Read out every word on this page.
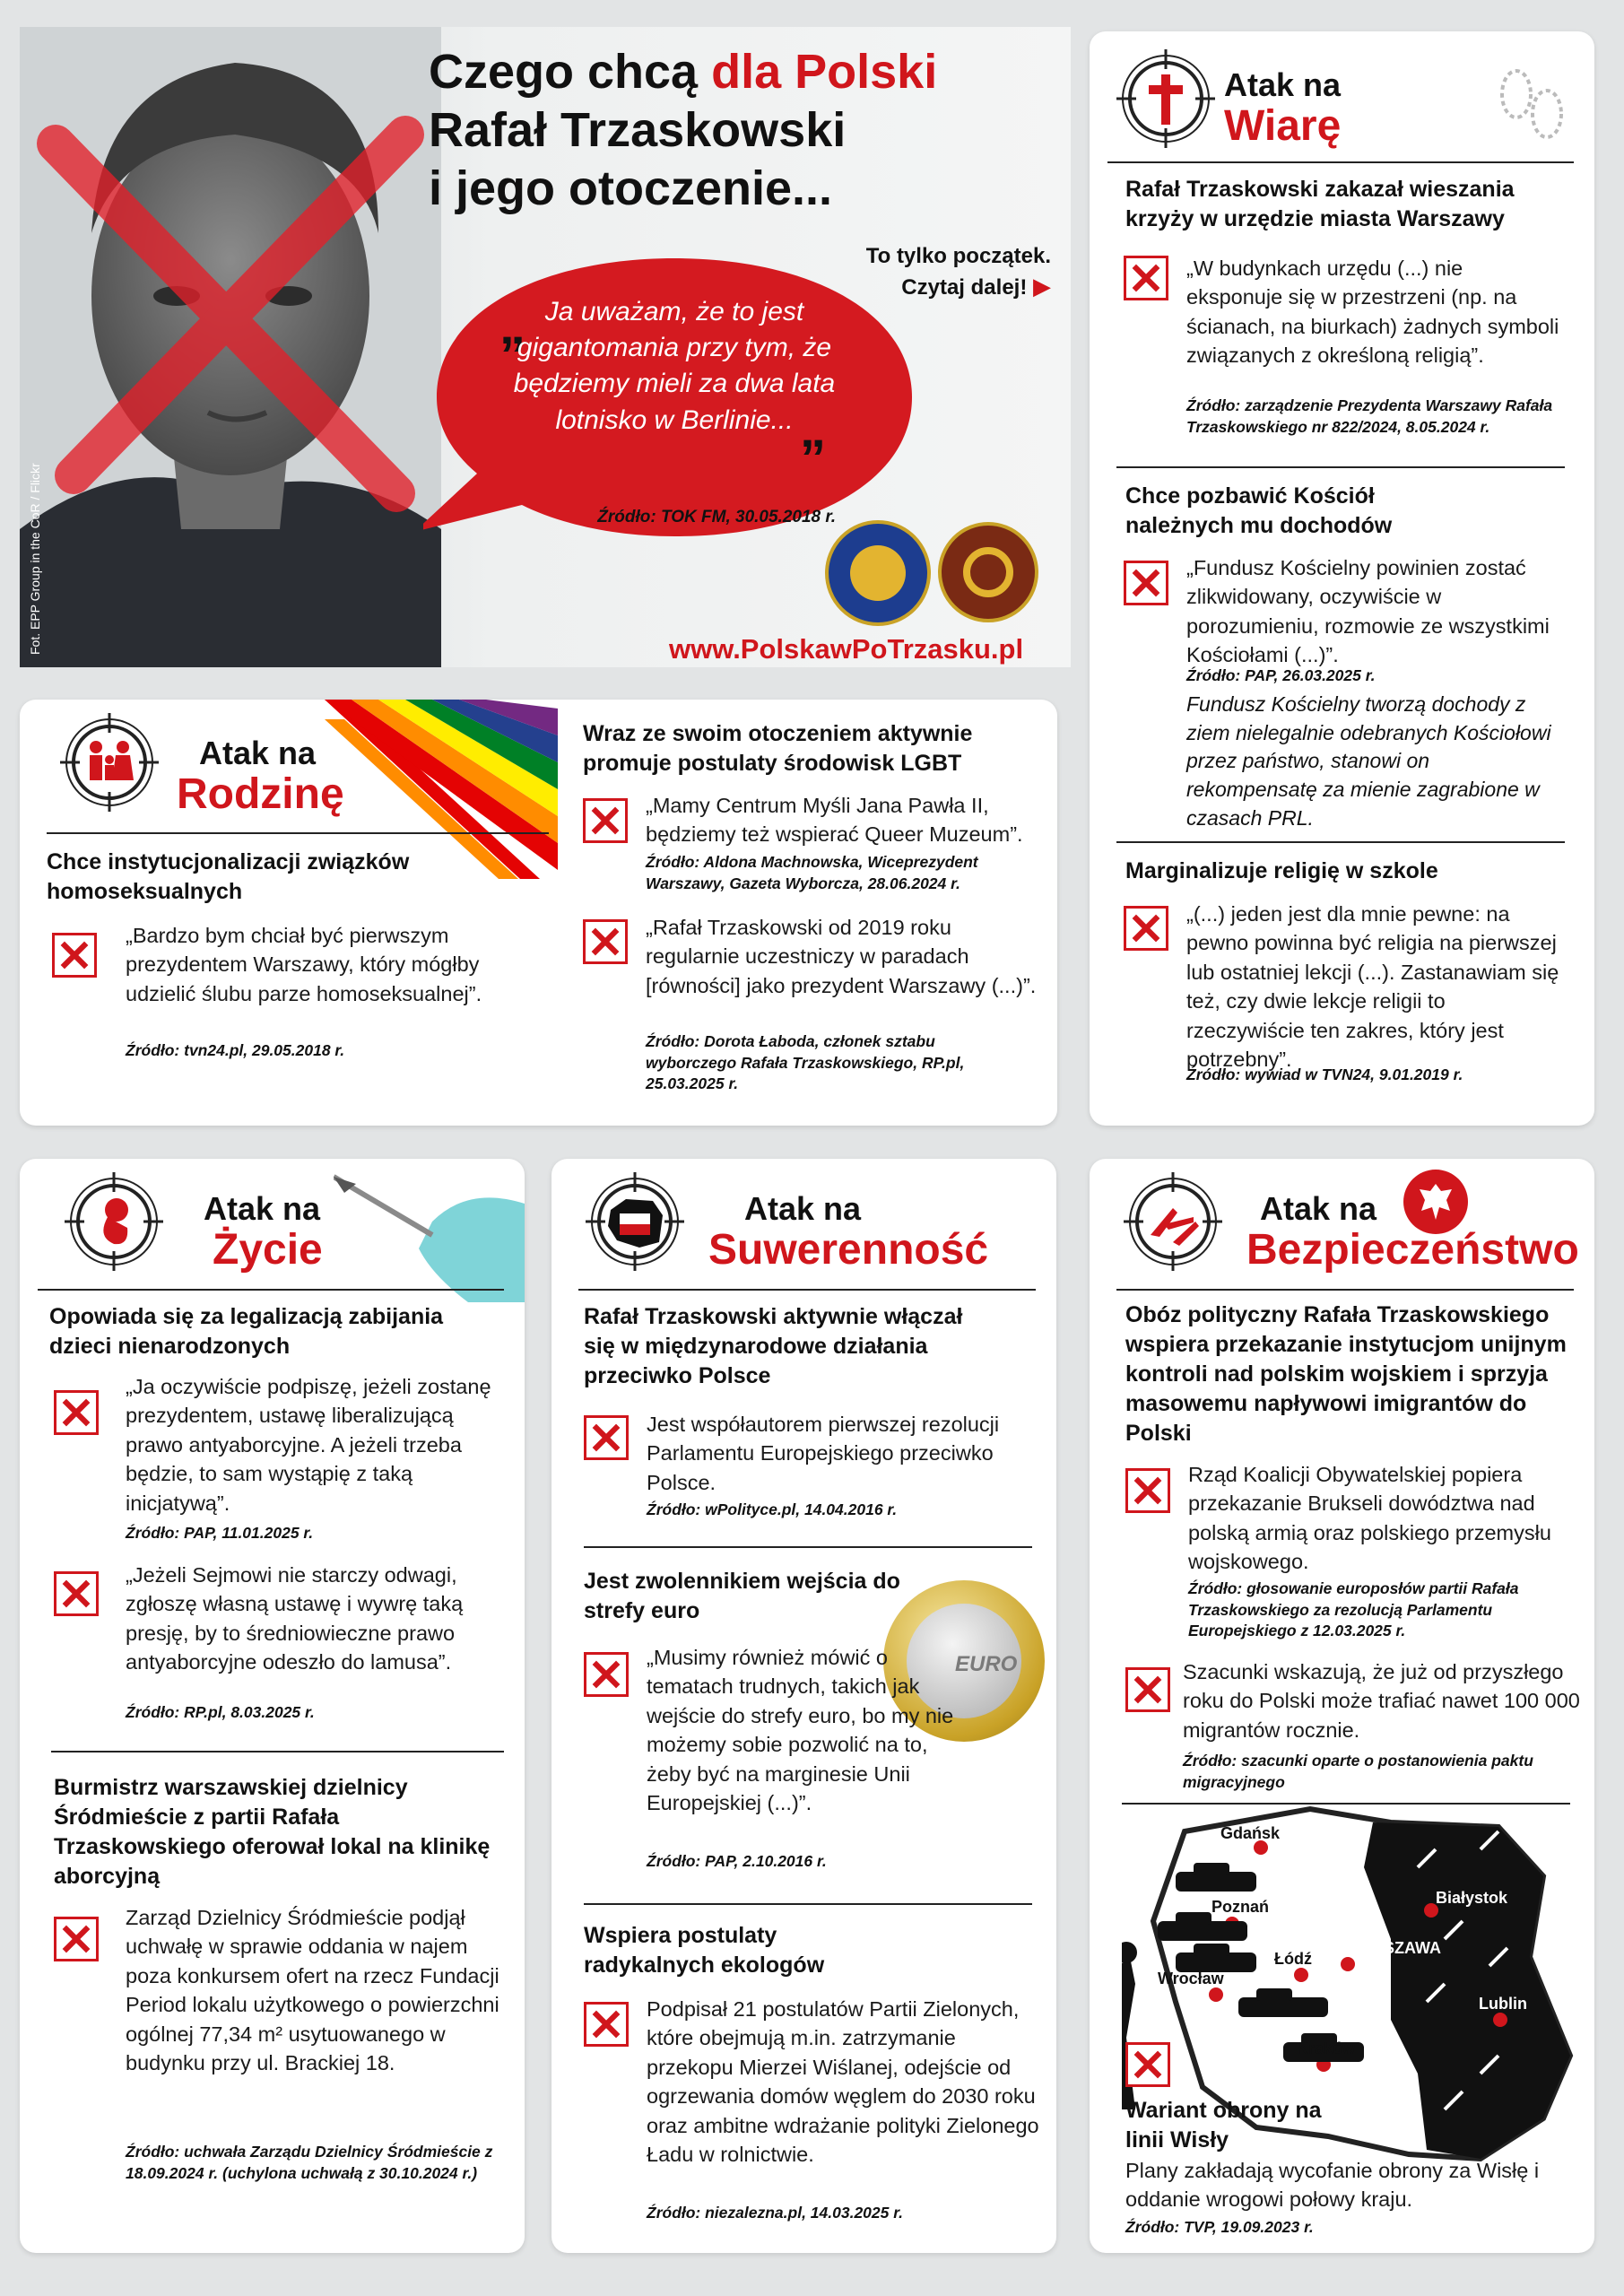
Fot. EPP Group in the CoR / Flickr
Czego chcą dla Polski
Rafał Trzaskowski
i jego otoczenie...
To tylko początek.
Czytaj dalej! ▶
„
”
Ja uważam, że to jest gigantomania przy tym, że będziemy mieli za dwa lata lotnisko w Berlinie...
Źródło: TOK FM, 30.05.2018 r.
www.PolskawPoTrzasku.pl
Atak na
Wiarę
Rafał Trzaskowski zakazał wieszania krzyży w urzędzie miasta Warszawy
„W budynkach urzędu (...) nie eksponuje się w przestrzeni (np. na ścianach, na biurkach) żadnych symboli związanych z określoną religią”.
Źródło: zarządzenie Prezydenta Warszawy Rafała Trzaskowskiego nr 822/2024, 8.05.2024 r.
Chce pozbawić Kościół należnych mu dochodów
„Fundusz Kościelny powinien zostać zlikwidowany, oczywiście w porozumieniu, rozmowie ze wszystkimi Kościołami (...)”.
Źródło: PAP, 26.03.2025 r.
Fundusz Kościelny tworzą dochody z ziem nielegalnie odebranych Kościołowi przez państwo, stanowi on rekompensatę za mienie zagrabione w czasach PRL.
Marginalizuje religię w szkole
„(...) jeden jest dla mnie pewne: na pewno powinna być religia na pierwszej lub ostatniej lekcji (...). Zastanawiam się też, czy dwie lekcje religii to rzeczywiście ten zakres, który jest potrzebny”.
Źródło: wywiad w TVN24, 9.01.2019 r.
Atak na
Rodzinę
Chce instytucjonalizacji związków homoseksualnych
„Bardzo bym chciał być pierwszym prezydentem Warszawy, który mógłby udzielić ślubu parze homoseksualnej”.
Źródło: tvn24.pl, 29.05.2018 r.
Wraz ze swoim otoczeniem aktywnie promuje postulaty środowisk LGBT
„Mamy Centrum Myśli Jana Pawła II, będziemy też wspierać Queer Muzeum”.
Źródło: Aldona Machnowska, Wiceprezydent Warszawy, Gazeta Wyborcza, 28.06.2024 r.
„Rafał Trzaskowski od 2019 roku regularnie uczestniczy w paradach [równości] jako prezydent Warszawy (...)”.
Źródło: Dorota Łaboda, członek sztabu wyborczego Rafała Trzaskowskiego, RP.pl, 25.03.2025 r.
Atak na
Życie
Opowiada się za legalizacją zabijania dzieci nienarodzonych
„Ja oczywiście podpiszę, jeżeli zostanę prezydentem, ustawę liberalizującą prawo antyaborcyjne. A jeżeli trzeba będzie, to sam wystąpię z taką inicjatywą”.
Źródło: PAP, 11.01.2025 r.
„Jeżeli Sejmowi nie starczy odwagi, zgłoszę własną ustawę i wywrę taką presję, by to średniowieczne prawo antyaborcyjne odeszło do lamusa”.
Źródło: RP.pl, 8.03.2025 r.
Burmistrz warszawskiej dzielnicy Śródmieście z partii Rafała Trzaskowskiego oferował lokal na klinikę aborcyjną
Zarząd Dzielnicy Śródmieście podjął uchwałę w sprawie oddania w najem poza konkursem ofert na rzecz Fundacji Period lokalu użytkowego o powierzchni ogólnej 77,34 m² usytuowanego w budynku przy ul. Brackiej 18.
Źródło: uchwała Zarządu Dzielnicy Śródmieście z 18.09.2024 r. (uchylona uchwałą z 30.10.2024 r.)
Atak na
Suwerenność
Rafał Trzaskowski aktywnie włączał się w międzynarodowe działania przeciwko Polsce
Jest współautorem pierwszej rezolucji Parlamentu Europejskiego przeciwko Polsce.
Źródło: wPolityce.pl, 14.04.2016 r.
Jest zwolennikiem wejścia do strefy euro
EURO
„Musimy również mówić o tematach trudnych, takich jak wejście do strefy euro, bo my nie możemy sobie pozwolić na to, żeby być na marginesie Unii Europejskiej (...)”.
Źródło: PAP, 2.10.2016 r.
Wspiera postulaty radykalnych ekologów
Podpisał 21 postulatów Partii Zielonych, które obejmują m.in. zatrzymanie przekopu Mierzei Wiślanej, odejście od ogrzewania domów węglem do 2030 roku oraz ambitne wdrażanie polityki Zielonego Ładu w rolnictwie.
Źródło: niezalezna.pl, 14.03.2025 r.
Atak na
Bezpieczeństwo
Obóz polityczny Rafała Trzaskowskiego wspiera przekazanie instytucjom unijnym kontroli nad polskim wojskiem i sprzyja masowemu napływowi imigrantów do Polski
Rząd Koalicji Obywatelskiej popiera przekazanie Brukseli dowództwa nad polską armią oraz polskiego przemysłu wojskowego.
Źródło: głosowanie europosłów partii Rafała Trzaskowskiego za rezolucją Parlamentu Europejskiego z 12.03.2025 r.
Szacunki wskazują, że już od przyszłego roku do Polski może trafiać nawet 100 000 migrantów rocznie.
Źródło: szacunki oparte o postanowienia paktu migracyjnego
Gdańsk
Białystok
Poznań
WARSZAWA
Łódź
Wrocław
Lublin
Kraków
Wariant obrony na linii Wisły
Plany zakładają wycofanie obrony za Wisłę i oddanie wrogowi połowy kraju.
Źródło: TVP, 19.09.2023 r.
